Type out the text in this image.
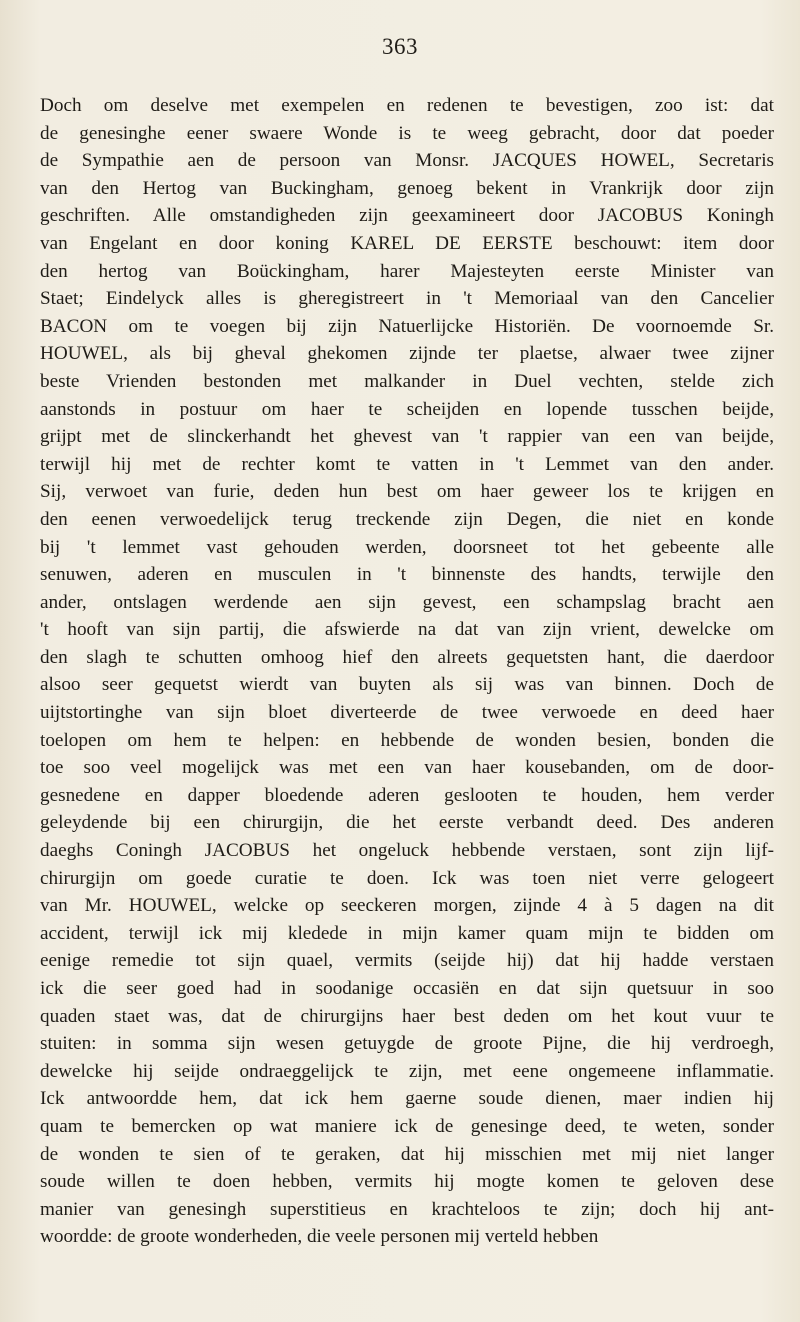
363
Doch om deselve met exempelen en redenen te bevestigen, zoo ist: dat
de genesinghe eener swaere Wonde is te weeg gebracht, door dat poeder
de Sympathie aen de persoon van Monsr. JACQUES HOWEL, Secretaris
van den Hertog van Buckingham, genoeg bekent in Vrankrijk door zijn
geschriften. Alle omstandigheden zijn geexamineert door JACOBUS Koningh
van Engelant en door koning KAREL DE EERSTE beschouwt: item door
den hertog van Boückingham, harer Majesteyten eerste Minister van
Staet; Eindelyck alles is gheregistreert in 't Memoriaal van den Cancelier
BACON om te voegen bij zijn Natuerlijcke Historiën. De voornoemde Sr.
HOUWEL, als bij gheval ghekomen zijnde ter plaetse, alwaer twee zijner
beste Vrienden bestonden met malkander in Duel vechten, stelde zich
aanstonds in postuur om haer te scheijden en lopende tusschen beijde,
grijpt met de slinckerhandt het ghevest van 't rappier van een van beijde,
terwijl hij met de rechter komt te vatten in 't Lemmet van den ander.
Sij, verwoet van furie, deden hun best om haer geweer los te krijgen en
den eenen verwoedelijck terug treckende zijn Degen, die niet en konde
bij 't lemmet vast gehouden werden, doorsneet tot het gebeente alle
senuwen, aderen en musculen in 't binnenste des handts, terwijle den
ander, ontslagen werdende aen sijn gevest, een schampslag bracht aen
't hooft van sijn partij, die afswierde na dat van zijn vrient, dewelcke om
den slagh te schutten omhoog hief den alreets gequetsten hant, die daerdoor
alsoo seer gequetst wierdt van buyten als sij was van binnen. Doch de
uijtstortinghe van sijn bloet diverteerde de twee verwoede en deed haer
toelopen om hem te helpen: en hebbende de wonden besien, bonden die
toe soo veel mogelijck was met een van haer kousebanden, om de door-
gesnedene en dapper bloedende aderen geslooten te houden, hem verder
geleydende bij een chirurgijn, die het eerste verbandt deed. Des anderen
daeghs Coningh JACOBUS het ongeluck hebbende verstaen, sont zijn lijf-
chirurgijn om goede curatie te doen. Ick was toen niet verre gelogeert
van Mr. HOUWEL, welcke op seeckeren morgen, zijnde 4 à 5 dagen na dit
accident, terwijl ick mij kledede in mijn kamer quam mijn te bidden om
eenige remedie tot sijn quael, vermits (seijde hij) dat hij hadde verstaen
ick die seer goed had in soodanige occasiën en dat sijn quetsuur in soo
quaden staet was, dat de chirurgijns haer best deden om het kout vuur te
stuiten: in somma sijn wesen getuygde de groote Pijne, die hij verdroegh,
dewelcke hij seijde ondraeggelijck te zijn, met eene ongemeene inflammatie.
Ick antwoordde hem, dat ick hem gaerne soude dienen, maer indien hij
quam te bemercken op wat maniere ick de genesinge deed, te weten, sonder
de wonden te sien of te geraken, dat hij misschien met mij niet langer
soude willen te doen hebben, vermits hij mogte komen te geloven dese
manier van genesingh superstitieus en krachteloos te zijn; doch hij ant-
woordde: de groote wonderheden, die veele personen mij verteld hebben
